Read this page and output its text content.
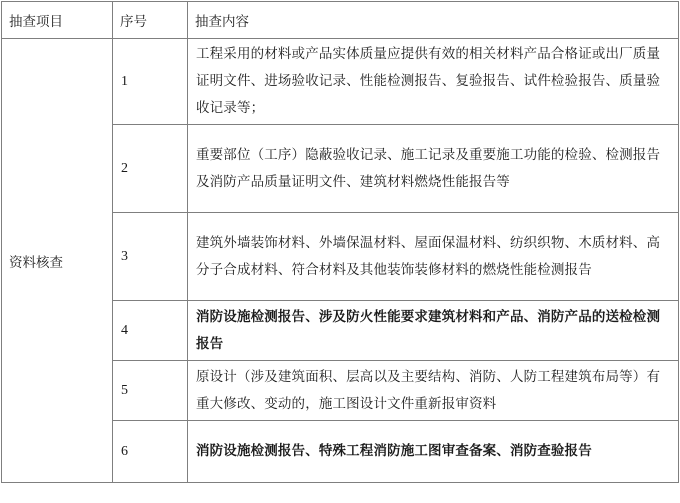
抽查项目	序号	抽查内容
资料核查	1	工程采用的材料或产品实体质量应提供有效的相关材料产品合格证或出厂质量证明文件、进场验收记录、性能检测报告、复验报告、试件检验报告、质量验收记录等；
	2	重要部位（工序）隐蔽验收记录、施工记录及重要施工功能的检验、检测报告及消防产品质量证明文件、建筑材料燃烧性能报告等
	3	建筑外墙装饰材料、外墙保温材料、屋面保温材料、纺织织物、木质材料、高分子合成材料、符合材料及其他装饰装修材料的燃烧性能检测报告
	4	消防设施检测报告、涉及防火性能要求建筑材料和产品、消防产品的送检检测报告
	5	原设计（涉及建筑面积、层高以及主要结构、消防、人防工程建筑布局等）有重大修改、变动的，施工图设计文件重新报审资料
	6	消防设施检测报告、特殊工程消防施工图审查备案、消防查验报告
